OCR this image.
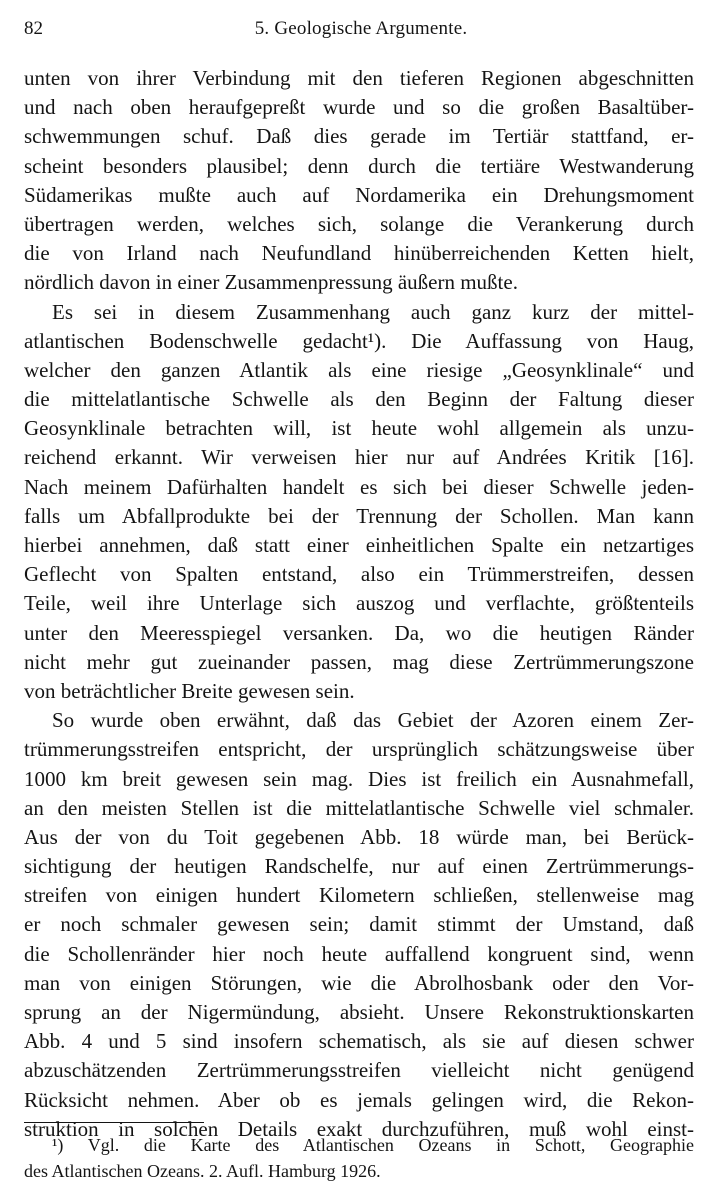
82	5. Geologische Argumente.
unten von ihrer Verbindung mit den tieferen Regionen abgeschnitten
und nach oben heraufgepreßt wurde und so die großen Basaltüber-
schwemmungen schuf. Daß dies gerade im Tertiär stattfand, er-
scheint besonders plausibel; denn durch die tertiäre Westwanderung
Südamerikas mußte auch auf Nordamerika ein Drehungsmoment
übertragen werden, welches sich, solange die Verankerung durch
die von Irland nach Neufundland hinüberreichenden Ketten hielt,
nördlich davon in einer Zusammenpressung äußern mußte.
Es sei in diesem Zusammenhang auch ganz kurz der mittel-
atlantischen Bodenschwelle gedacht¹). Die Auffassung von Haug,
welcher den ganzen Atlantik als eine riesige „Geosynklinale“ und
die mittelatlantische Schwelle als den Beginn der Faltung dieser
Geosynklinale betrachten will, ist heute wohl allgemein als unzu-
reichend erkannt. Wir verweisen hier nur auf Andrées Kritik [16].
Nach meinem Dafürhalten handelt es sich bei dieser Schwelle jeden-
falls um Abfallprodukte bei der Trennung der Schollen. Man kann
hierbei annehmen, daß statt einer einheitlichen Spalte ein netzartiges
Geflecht von Spalten entstand, also ein Trümmerstreifen, dessen
Teile, weil ihre Unterlage sich auszog und verflachte, größtenteils
unter den Meeresspiegel versanken. Da, wo die heutigen Ränder
nicht mehr gut zueinander passen, mag diese Zertrümmerungszone
von beträchtlicher Breite gewesen sein.
So wurde oben erwähnt, daß das Gebiet der Azoren einem Zer-
trümmerungsstreifen entspricht, der ursprünglich schätzungsweise über
1000 km breit gewesen sein mag. Dies ist freilich ein Ausnahmefall,
an den meisten Stellen ist die mittelatlantische Schwelle viel schmaler.
Aus der von du Toit gegebenen Abb. 18 würde man, bei Berück-
sichtigung der heutigen Randschelfe, nur auf einen Zertrümmerungs-
streifen von einigen hundert Kilometern schließen, stellenweise mag
er noch schmaler gewesen sein; damit stimmt der Umstand, daß
die Schollenränder hier noch heute auffallend kongruent sind, wenn
man von einigen Störungen, wie die Abrolhosbank oder den Vor-
sprung an der Nigermündung, absieht. Unsere Rekonstruktionskarten
Abb. 4 und 5 sind insofern schematisch, als sie auf diesen schwer
abzuschätzenden Zertrümmerungsstreifen vielleicht nicht genügend
Rücksicht nehmen. Aber ob es jemals gelingen wird, die Rekon-
struktion in solchen Details exakt durchzuführen, muß wohl einst-
¹) Vgl. die Karte des Atlantischen Ozeans in Schott, Geographie
des Atlantischen Ozeans. 2. Aufl. Hamburg 1926.
